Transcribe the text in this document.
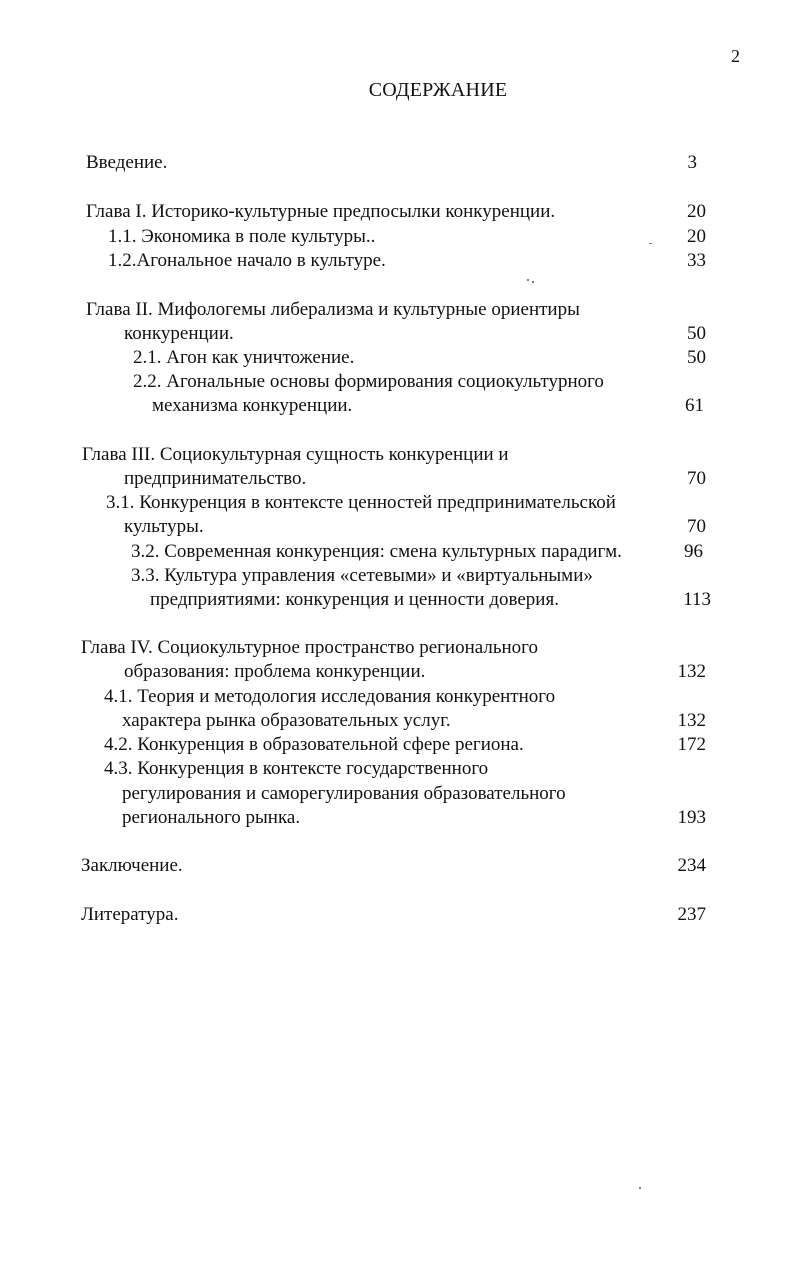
2
СОДЕРЖАНИЕ
Введение.	3
Глава I. Историко-культурные предпосылки конкуренции.	20
1.1. Экономика в поле культуры..	20
1.2.Агональное начало в культуре.	33
Глава II. Мифологемы либерализма и культурные ориентиры
конкуренции.	50
2.1. Агон как уничтожение.	50
2.2. Агональные основы формирования социокультурного
механизма конкуренции.	61
Глава III. Социокультурная сущность конкуренции и
предпринимательство.	70
3.1. Конкуренция в контексте ценностей предпринимательской
культуры.	70
3.2. Современная конкуренция: смена культурных парадигм.	96
3.3. Культура управления «сетевыми» и «виртуальными»
предприятиями: конкуренция и ценности доверия.	113
Глава IV. Социокультурное пространство регионального
образования: проблема конкуренции.	132
4.1. Теория и методология исследования конкурентного
характера рынка образовательных услуг.	132
4.2. Конкуренция в образовательной сфере региона.	172
4.3. Конкуренция в контексте государственного
регулирования и саморегулирования образовательного
регионального рынка.	193
Заключение.	234
Литература.	237
